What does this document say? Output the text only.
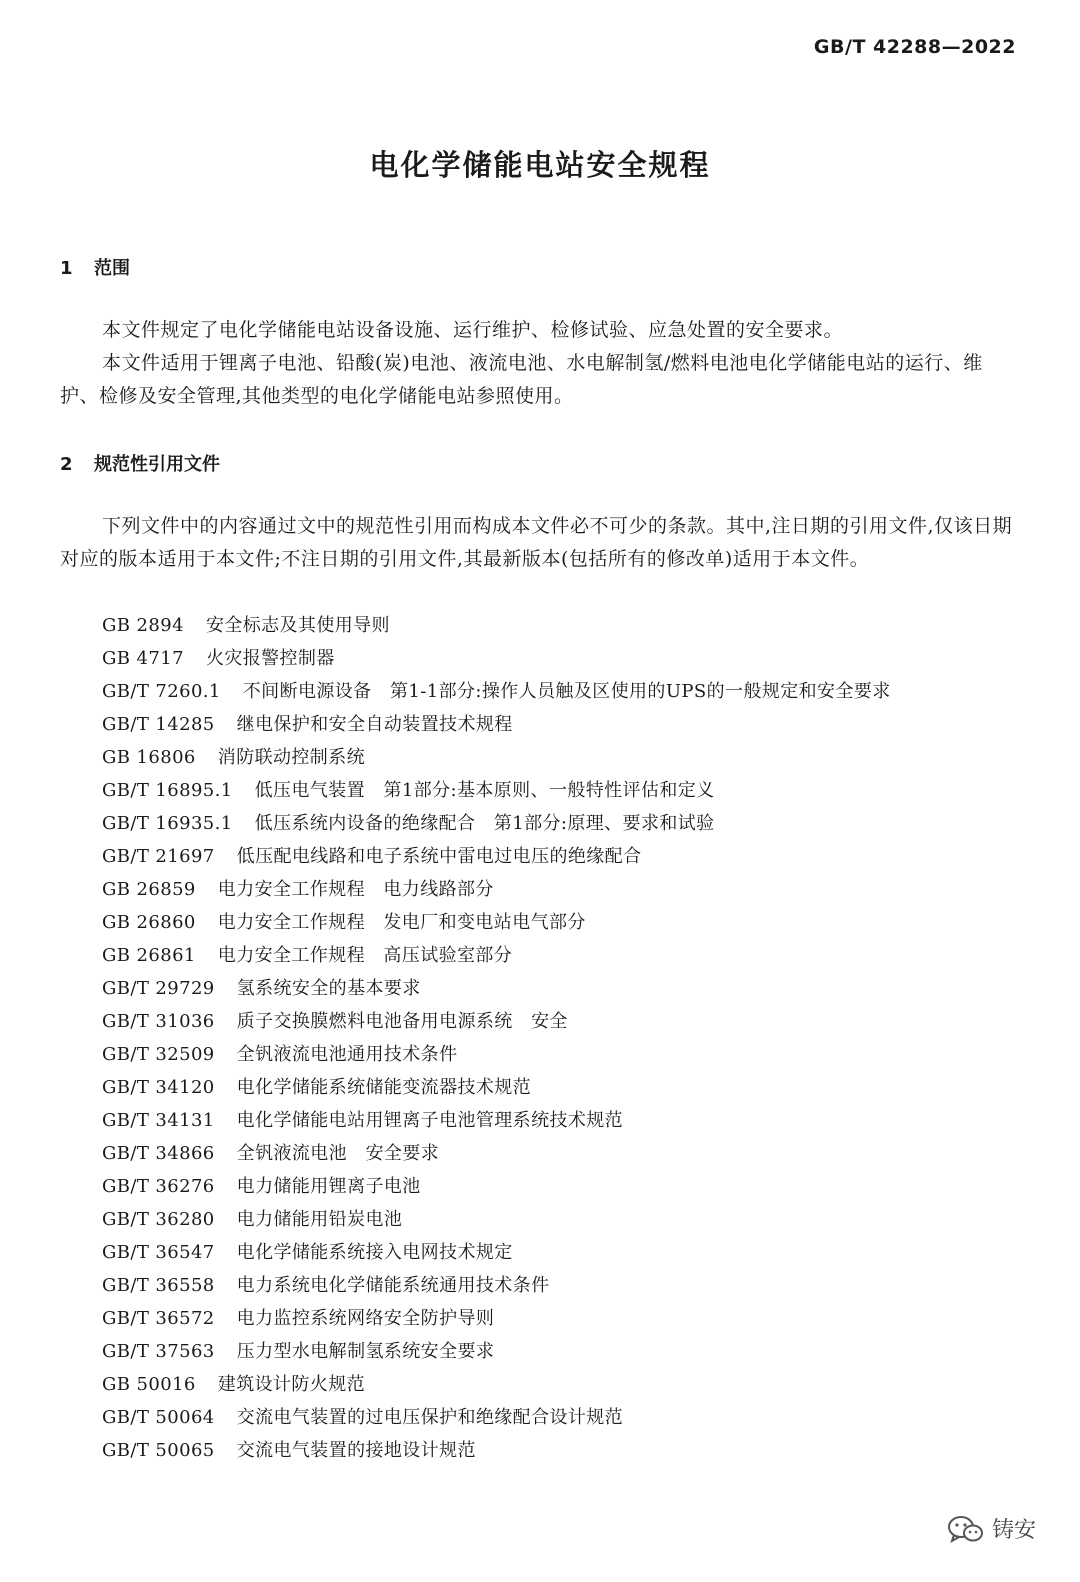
GB/T 42288—2022
电化学储能电站安全规程
1 范围

本文件规定了电化学储能电站设备设施、运行维护、检修试验、应急处置的安全要求。

本文件适用于锂离子电池、铅酸(炭)电池、液流电池、水电解制氢/燃料电池电化学储能电站的运行、维护、检修及安全管理,其他类型的电化学储能电站参照使用。

2 规范性引用文件

下列文件中的内容通过文中的规范性引用而构成本文件必不可少的条款。其中,注日期的引用文件,仅该日期对应的版本适用于本文件;不注日期的引用文件,其最新版本(包括所有的修改单)适用于本文件。

GB 2894 安全标志及其使用导则
GB 4717 火灾报警控制器
GB/T 7260.1 不间断电源设备　第1-1部分:操作人员触及区使用的UPS的一般规定和安全要求
GB/T 14285 继电保护和安全自动装置技术规程
GB 16806 消防联动控制系统
GB/T 16895.1 低压电气装置　第1部分:基本原则、一般特性评估和定义
GB/T 16935.1 低压系统内设备的绝缘配合　第1部分:原理、要求和试验
GB/T 21697 低压配电线路和电子系统中雷电过电压的绝缘配合
GB 26859 电力安全工作规程　电力线路部分
GB 26860 电力安全工作规程　发电厂和变电站电气部分
GB 26861 电力安全工作规程　高压试验室部分
GB/T 29729 氢系统安全的基本要求
GB/T 31036 质子交换膜燃料电池备用电源系统　安全
GB/T 32509 全钒液流电池通用技术条件
GB/T 34120 电化学储能系统储能变流器技术规范
GB/T 34131 电化学储能电站用锂离子电池管理系统技术规范
GB/T 34866 全钒液流电池　安全要求
GB/T 36276 电力储能用锂离子电池
GB/T 36280 电力储能用铅炭电池
GB/T 36547 电化学储能系统接入电网技术规定
GB/T 36558 电力系统电化学储能系统通用技术条件
GB/T 36572 电力监控系统网络安全防护导则
GB/T 37563 压力型水电解制氢系统安全要求
GB 50016 建筑设计防火规范
GB/T 50064 交流电气装置的过电压保护和绝缘配合设计规范
GB/T 50065 交流电气装置的接地设计规范
铸安
